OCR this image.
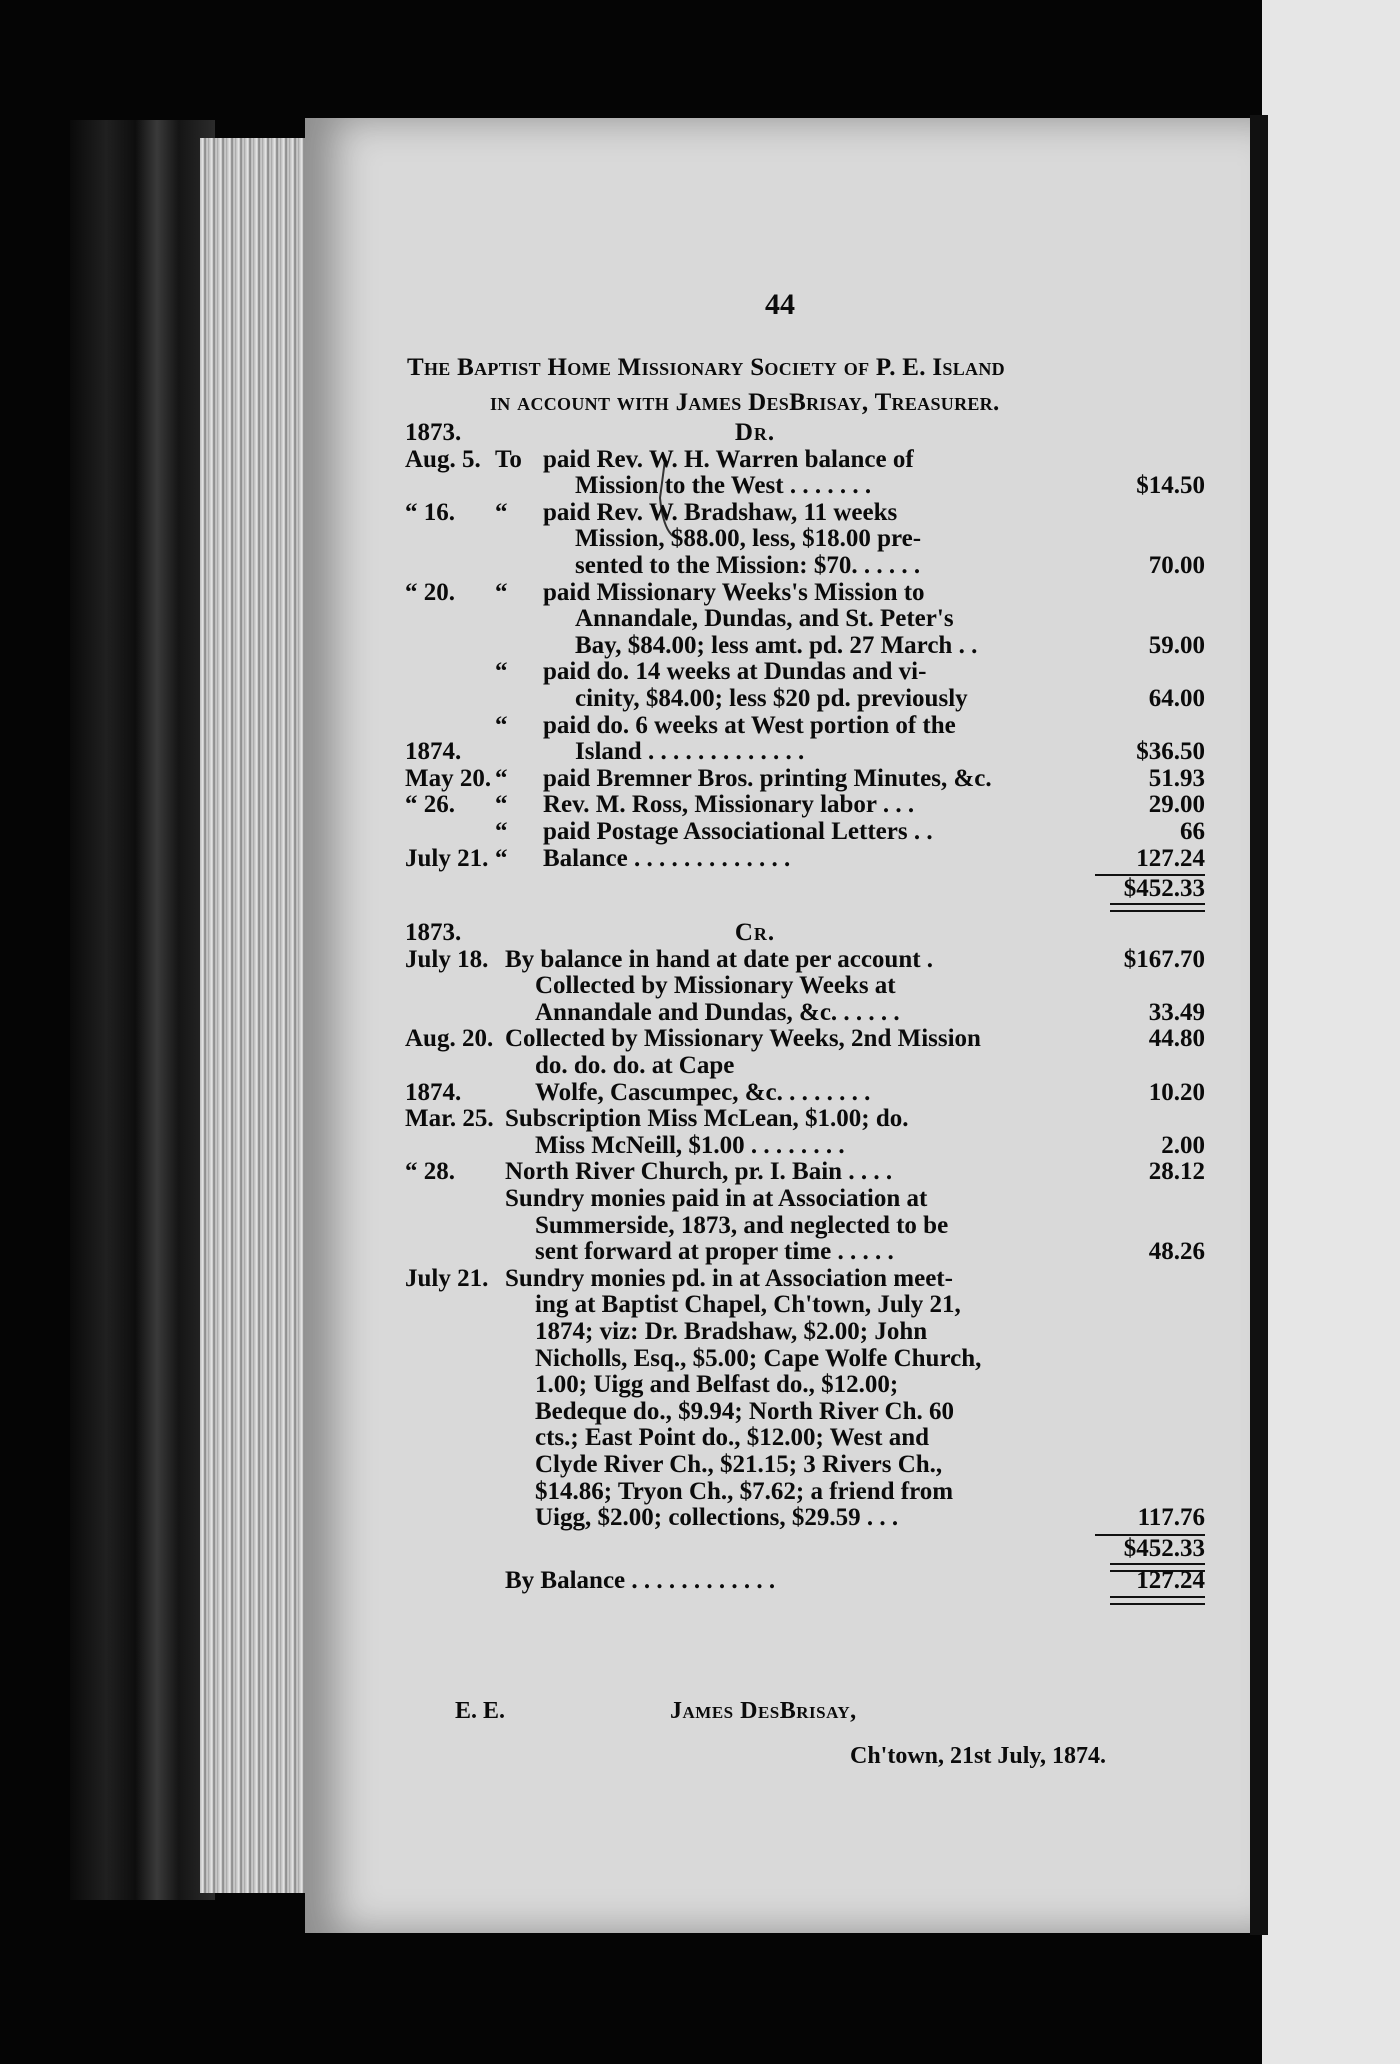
44
The Baptist Home Missionary Society of P. E. Island
in account with James DesBrisay, Treasurer.
1873.	Dr.
Aug. 5. To paid Rev. W. H. Warren balance of
Mission to the West . . . . . . .	$14.50
“ 16.	“	paid Rev. W. Bradshaw, 11 weeks
Mission, $88.00, less, $18.00 pre-
sented to the Mission: $70. . . . . .	70.00
“ 20.	“	paid Missionary Weeks's Mission to
Annandale, Dundas, and St. Peter's
Bay, $84.00; less amt. pd. 27 March . .	59.00
“	paid do. 14 weeks at Dundas and vi-
cinity, $84.00; less $20 pd. previously	64.00
“	paid do. 6 weeks at West portion of the
1874.	Island . . . . . . . . . . . . .	$36.50
May 20. “	paid Bremner Bros. printing Minutes, &c.	51.93
“ 26.	“	Rev. M. Ross, Missionary labor . . .	29.00
“	paid Postage Associational Letters . .	66
July 21. “	Balance . . . . . . . . . . . . .	127.24
$452.33
1873.	Cr.
July 18. By balance in hand at date per account .	$167.70
Collected by Missionary Weeks at
Annandale and Dundas, &c. . . . . .	33.49
Aug. 20. Collected by Missionary Weeks, 2nd Mission	44.80
do. do. do. at Cape
1874.	Wolfe, Cascumpec, &c. . . . . . . .	10.20
Mar. 25. Subscription Miss McLean, $1.00; do.
Miss McNeill, $1.00 . . . . . . . .	2.00
“ 28.	North River Church, pr. I. Bain . . . .	28.12
Sundry monies paid in at Association at
Summerside, 1873, and neglected to be
sent forward at proper time . . . . .	48.26
July 21. Sundry monies pd. in at Association meet-
ing at Baptist Chapel, Ch'town, July 21,
1874; viz: Dr. Bradshaw, $2.00; John
Nicholls, Esq., $5.00; Cape Wolfe Church,
1.00; Uigg and Belfast do., $12.00;
Bedeque do., $9.94; North River Ch. 60
cts.; East Point do., $12.00; West and
Clyde River Ch., $21.15; 3 Rivers Ch.,
$14.86; Tryon Ch., $7.62; a friend from
Uigg, $2.00; collections, $29.59 . . .	117.76
$452.33
By Balance . . . . . . . . . . . .	127.24
E. E.	James DesBrisay,
Ch'town, 21st July, 1874.
